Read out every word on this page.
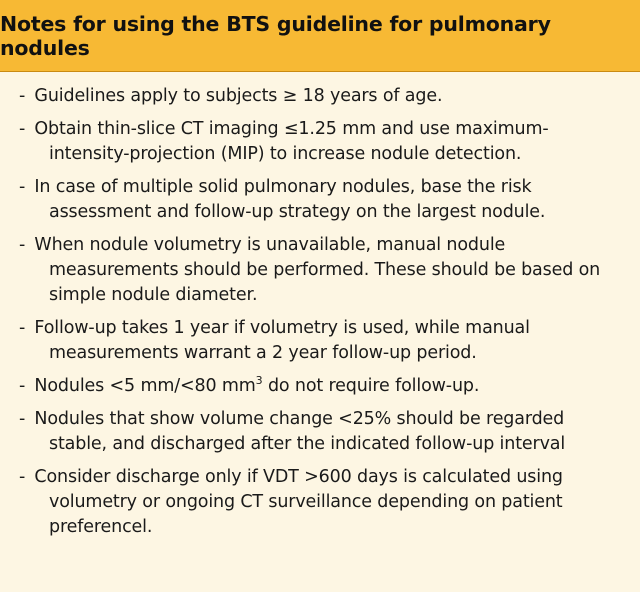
Notes for using the BTS guideline for pulmonary nodules
- Guidelines apply to subjects ≥ 18 years of age.
- Obtain thin-slice CT imaging ≤1.25 mm and use maximum-intensity-projection (MIP) to increase nodule detection.
- In case of multiple solid pulmonary nodules, base the risk assessment and follow-up strategy on the largest nodule.
- When nodule volumetry is unavailable, manual nodule measurements should be performed. These should be based on simple nodule diameter.
- Follow-up takes 1 year if volumetry is used, while manual measurements warrant a 2 year follow-up period.
- Nodules <5 mm/<80 $mm^3$ do not require follow-up.
- Nodules that show volume change <25% should be regarded stable, and discharged after the indicated follow-up interval
- Consider discharge only if VDT >600 days is calculated using volumetry or ongoing CT surveillance depending on patient preferencel.
